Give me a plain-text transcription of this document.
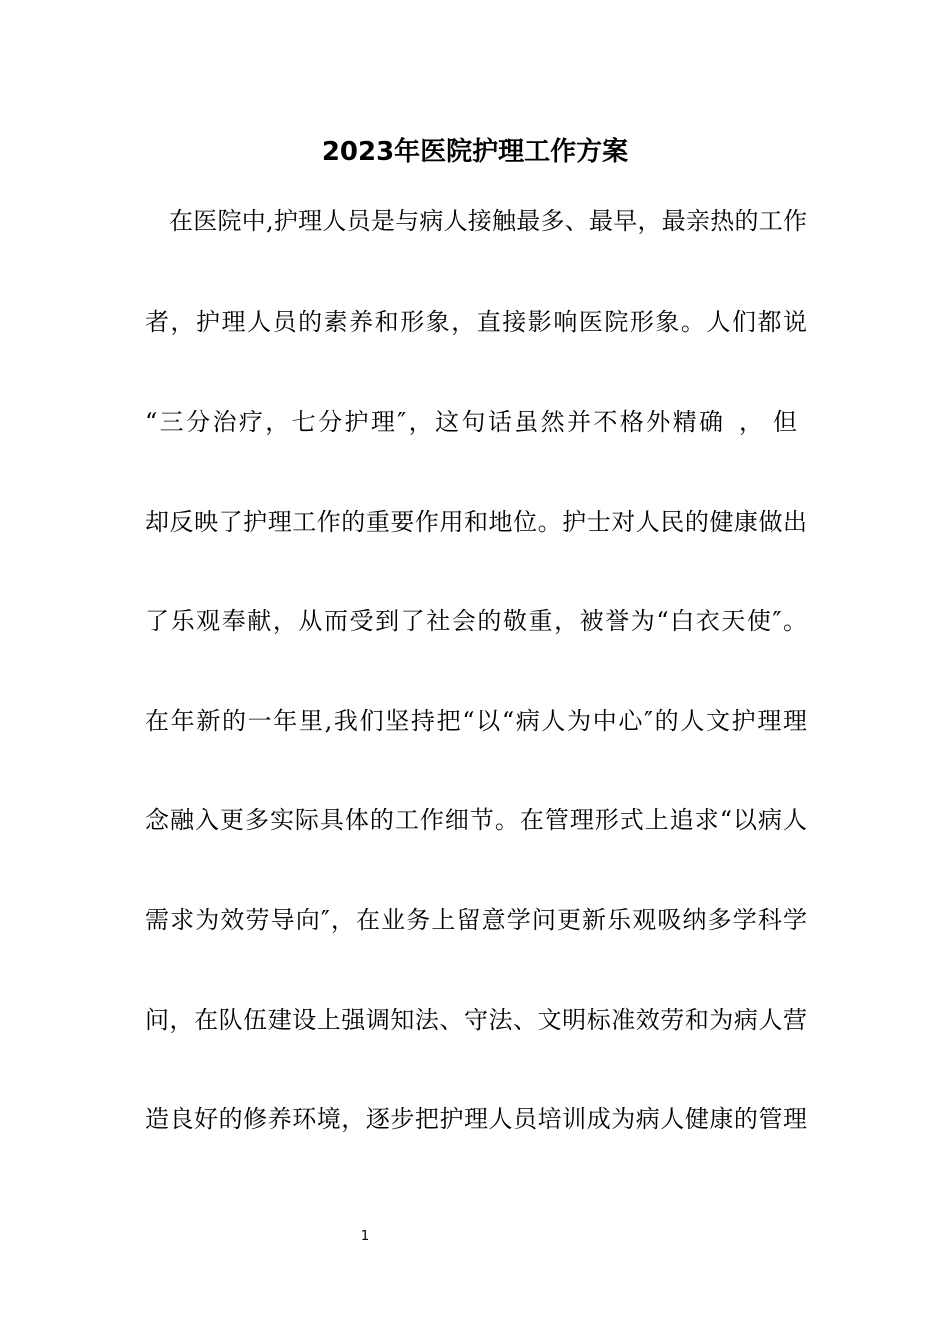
2023年医院护理工作方案
在医院中,护理人员是与病人接触最多、最早，最亲热的工作
者，护理人员的素养和形象，直接影响医院形象。人们都说
“三分治疗，七分护理″，这句话虽然并不格外精确 ，但
却反映了护理工作的重要作用和地位。护士对人民的健康做出
了乐观奉献，从而受到了社会的敬重，被誉为“白衣天使″。
在年新的一年里,我们坚持把“以“病人为中心″的人文护理理
念融入更多实际具体的工作细节。在管理形式上追求“以病人
需求为效劳导向″，在业务上留意学问更新乐观吸纳多学科学
问，在队伍建设上强调知法、守法、文明标准效劳和为病人营
造良好的修养环境，逐步把护理人员培训成为病人健康的管理
1
